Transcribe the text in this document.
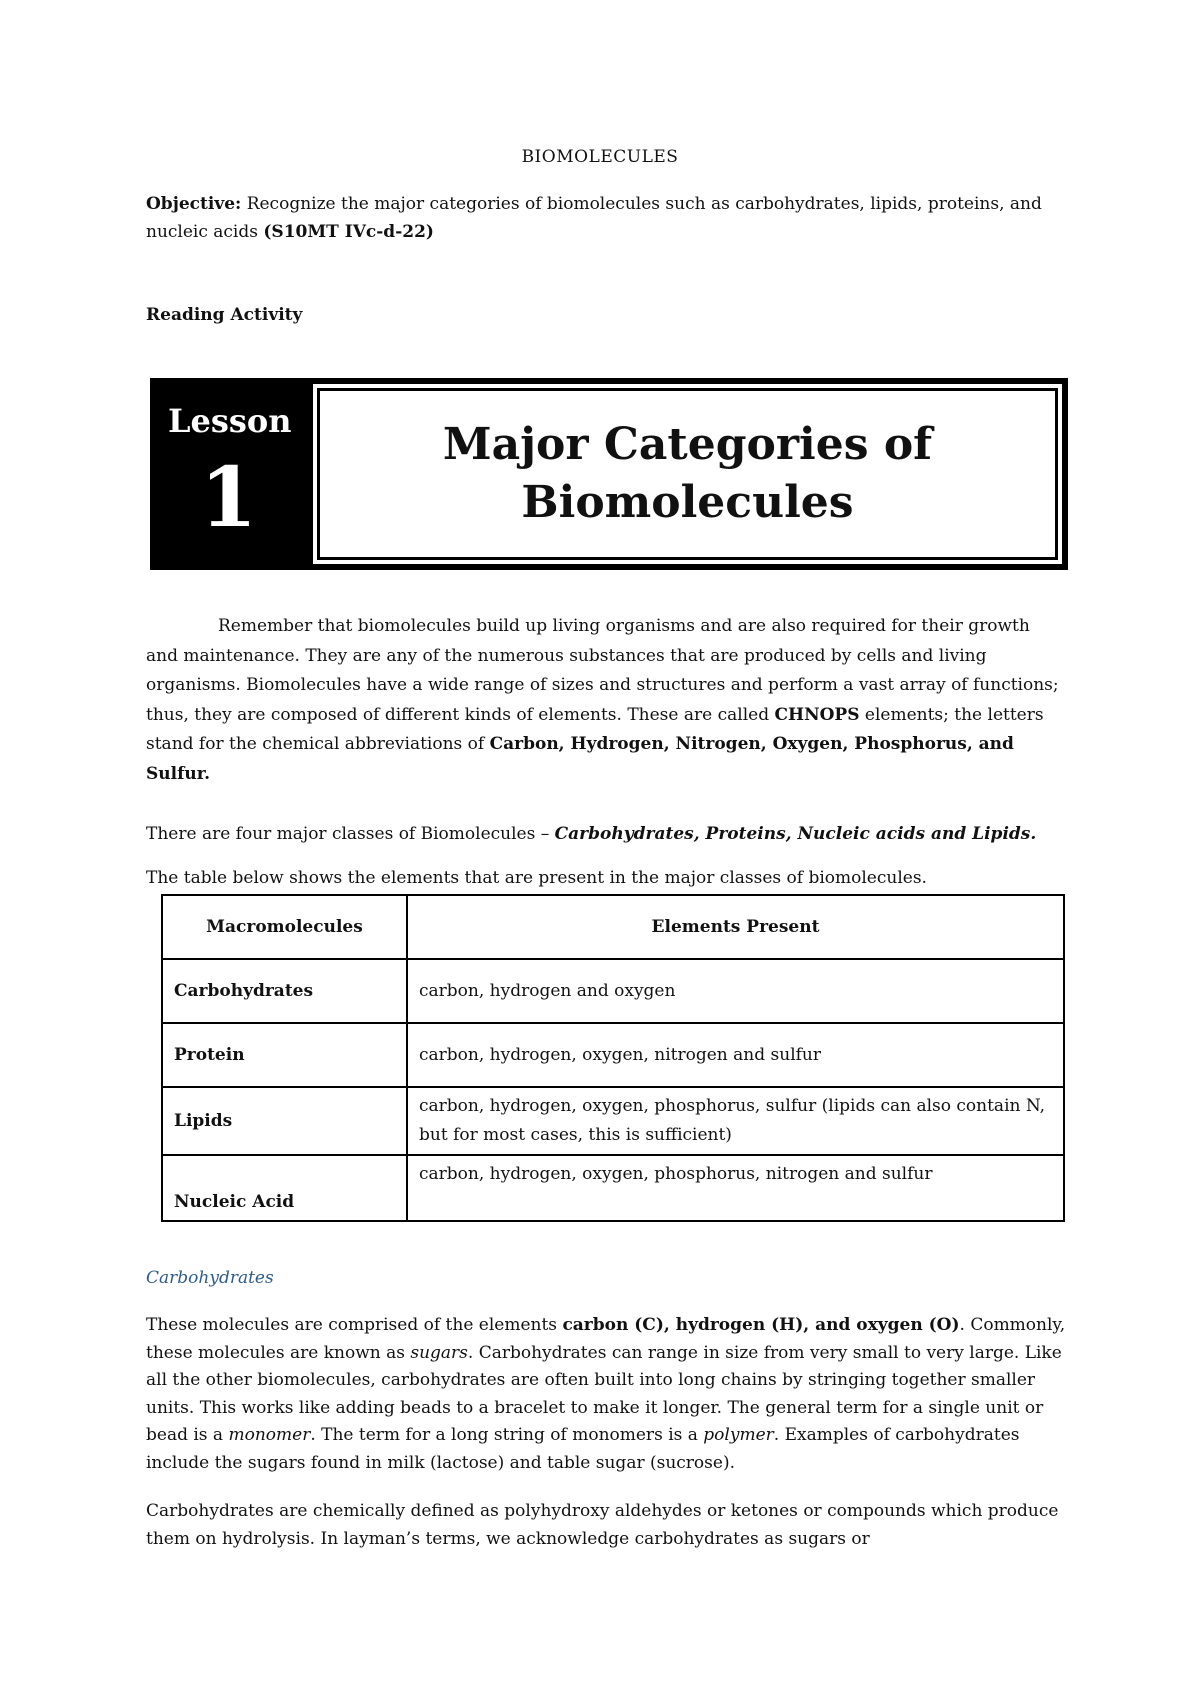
BIOMOLECULES
Objective: Recognize the major categories of biomolecules such as carbohydrates, lipids, proteins, and nucleic acids (S10MT IVc-d-22)
Reading Activity
Lesson
1
Major Categories of Biomolecules
Remember that biomolecules build up living organisms and are also required for their growth and maintenance. They are any of the numerous substances that are produced by cells and living organisms. Biomolecules have a wide range of sizes and structures and perform a vast array of functions; thus, they are composed of different kinds of elements. These are called CHNOPS elements; the letters stand for the chemical abbreviations of Carbon, Hydrogen, Nitrogen, Oxygen, Phosphorus, and Sulfur.
There are four major classes of Biomolecules – Carbohydrates, Proteins, Nucleic acids and Lipids.
The table below shows the elements that are present in the major classes of biomolecules.
Macromolecules	Elements Present
Carbohydrates	carbon, hydrogen and oxygen
Protein	carbon, hydrogen, oxygen, nitrogen and sulfur
Lipids	carbon, hydrogen, oxygen, phosphorus, sulfur (lipids can also contain N, but for most cases, this is sufficient)
Nucleic Acid	carbon, hydrogen, oxygen, phosphorus, nitrogen and sulfur
Carbohydrates
These molecules are comprised of the elements carbon (C), hydrogen (H), and oxygen (O). Commonly, these molecules are known as sugars. Carbohydrates can range in size from very small to very large. Like all the other biomolecules, carbohydrates are often built into long chains by stringing together smaller units. This works like adding beads to a bracelet to make it longer. The general term for a single unit or bead is a monomer. The term for a long string of monomers is a polymer. Examples of carbohydrates include the sugars found in milk (lactose) and table sugar (sucrose).
Carbohydrates are chemically defined as polyhydroxy aldehydes or ketones or compounds which produce them on hydrolysis. In layman’s terms, we acknowledge carbohydrates as sugars or
